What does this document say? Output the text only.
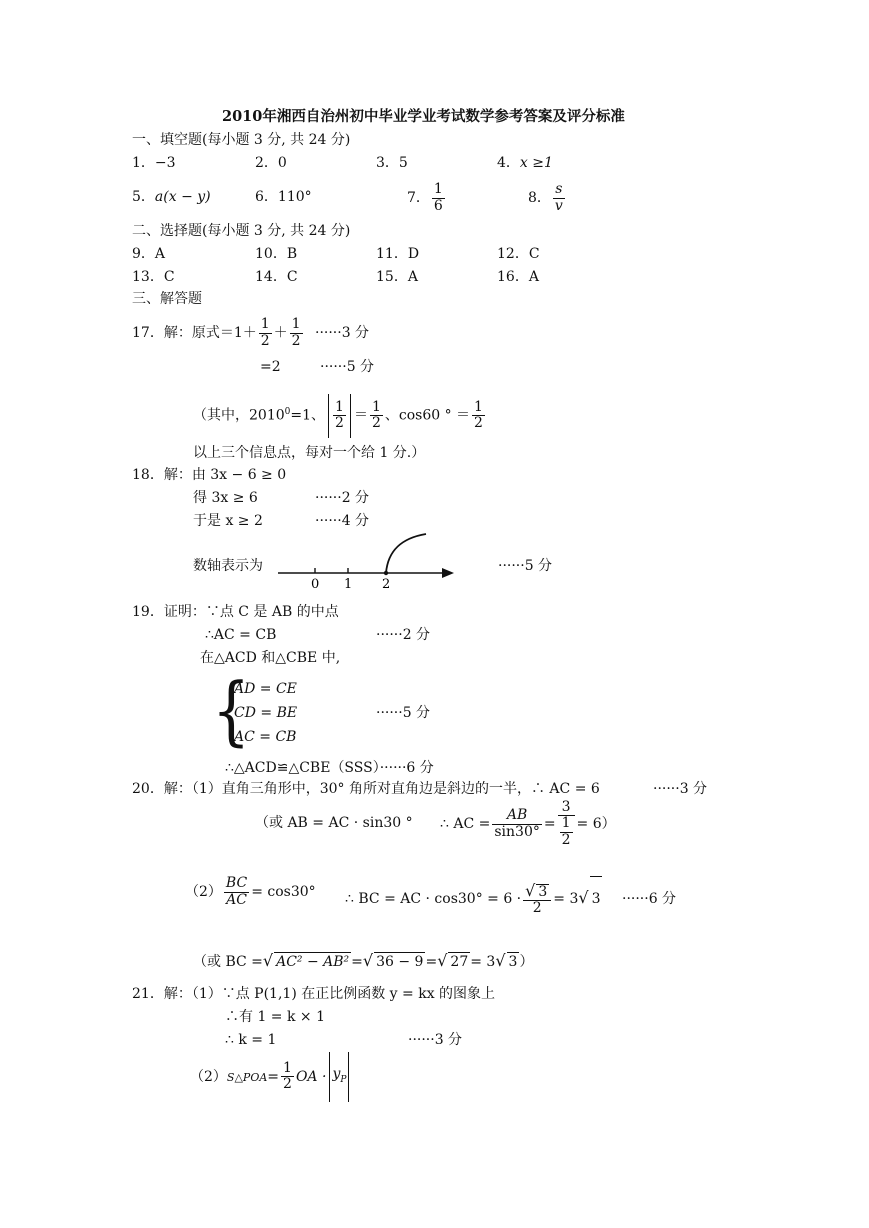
2010年湘西自治州初中毕业学业考试数学参考答案及评分标准
一、填空题(每小题 3 分, 共 24 分)
1．−3	2．0	3．5	4．x ≥1
5．a(x − y)	6．110°	7． $\frac{1}{6}$	8． $\frac{s}{v}$
二、选择题(每小题 3 分, 共 24 分)
9．A	10．B	11．D	12．C
13．C	14．C	15．A	16．A
三、解答题
17．解：原式$=1+ \frac{1}{2} + \frac{1}{2} \cdot\cdot\cdot\cdot\cdot\cdot 3$ 分
=2	······5 分
（其中，$2010^0=1$、 $\frac{1}{2} = \frac{1}{2}$ 、cos60 ° ＝ $\frac{1}{2}$
以上三个信息点，每对一个给 1 分.）
18．解：由 3x − 6 ≥ 0
得 3x ≥ 6	······2 分
于是 x ≥ 2	······4 分
数轴表示为	······5 分
0 1 2
19．证明：∵点 C 是 AB 的中点
∴AC = CB	······2 分
在△ACD 和△CBE 中,
{
AD = CE
CD = BE
AC = CB
······5 分
∴△ACD≌△CBE（SSS）······6 分
20．解：（1）直角三角形中，30° 角所对直角边是斜边的一半，∴ AC = 6	······3 分
（或 AB = AC · sin30 ° ∴ AC = $\frac{AB}{\sin 30^\circ} = \frac{3}{\frac{1}{2}} = 6$）
$(2) \frac{BC}{AC} = \cos 30^\circ$ ∴ BC = AC · $\cos 30^\circ = 6 \cdot \frac{√ 3}{2} = 3√$ 3 ······6 分
（或 BC =√ AC² − AB² =√ 36 − 9 =√ 27 = 3√ 3 ）
21．解：（1）∵点 P(1,1) 在正比例函数 y = kx 的图象上
∴有 1 = k × 1
∴ k = 1	······3 分
（2）S△POA= $\frac{1}{2}$ OA · $y_P$
